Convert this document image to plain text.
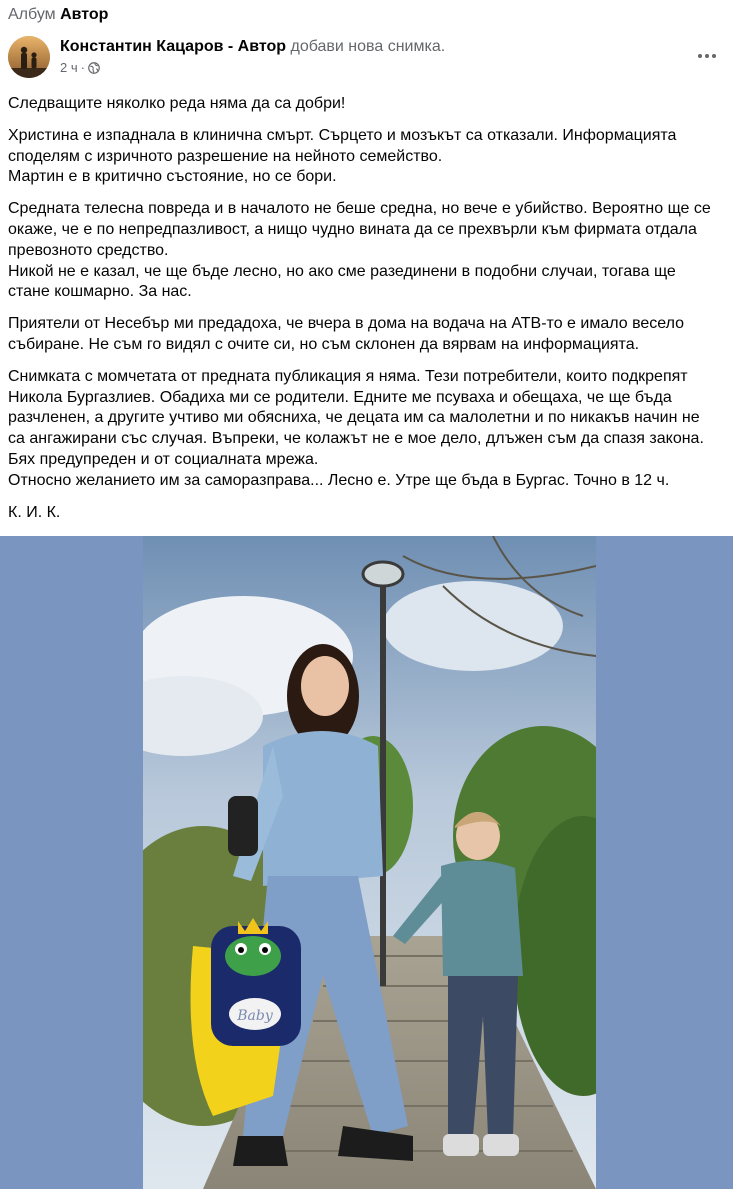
Албум Автор
Константин Кацаров - Автор добави нова снимка.
2 ч ·

Следващите няколко реда няма да са добри!

Христина е изпаднала в клинична смърт. Сърцето и мозъкът са отказали. Информацията
споделям с изричното разрешение на нейното семейство.
Мартин е в критично състояние, но се бори.

Средната телесна повреда и в началото не беше средна, но вече е убийство. Вероятно ще се
окаже, че е по непредпазливост, а нищо чудно вината да се прехвърли към фирмата отдала
превозното средство.
Никой не е казал, че ще бъде лесно, но ако сме разединени в подобни случаи, тогава ще
стане кошмарно. За нас.

Приятели от Несебър ми предадоха, че вчера в дома на водача на АТВ-то е имало весело
събиране. Не съм го видял с очите си, но съм склонен да вярвам на информацията.

Снимката с момчетата от предната публикация я няма. Тези потребители, които подкрепят
Никола Бургазлиев. Обадиха ми се родители. Едните ме псуваха и обещаха, че ще бъда
разчленен, а другите учтиво ми обясниха, че децата им са малолетни и по никакъв начин не
са ангажирани със случая. Въпреки, че колажът не е мое дело, длъжен съм да спазя закона.
Бях предупреден и от социалната мрежа.
Относно желанието им за саморазправа... Лесно е. Утре ще бъда в Бургас. Точно в 12 ч.

К. И. К.

Baby
